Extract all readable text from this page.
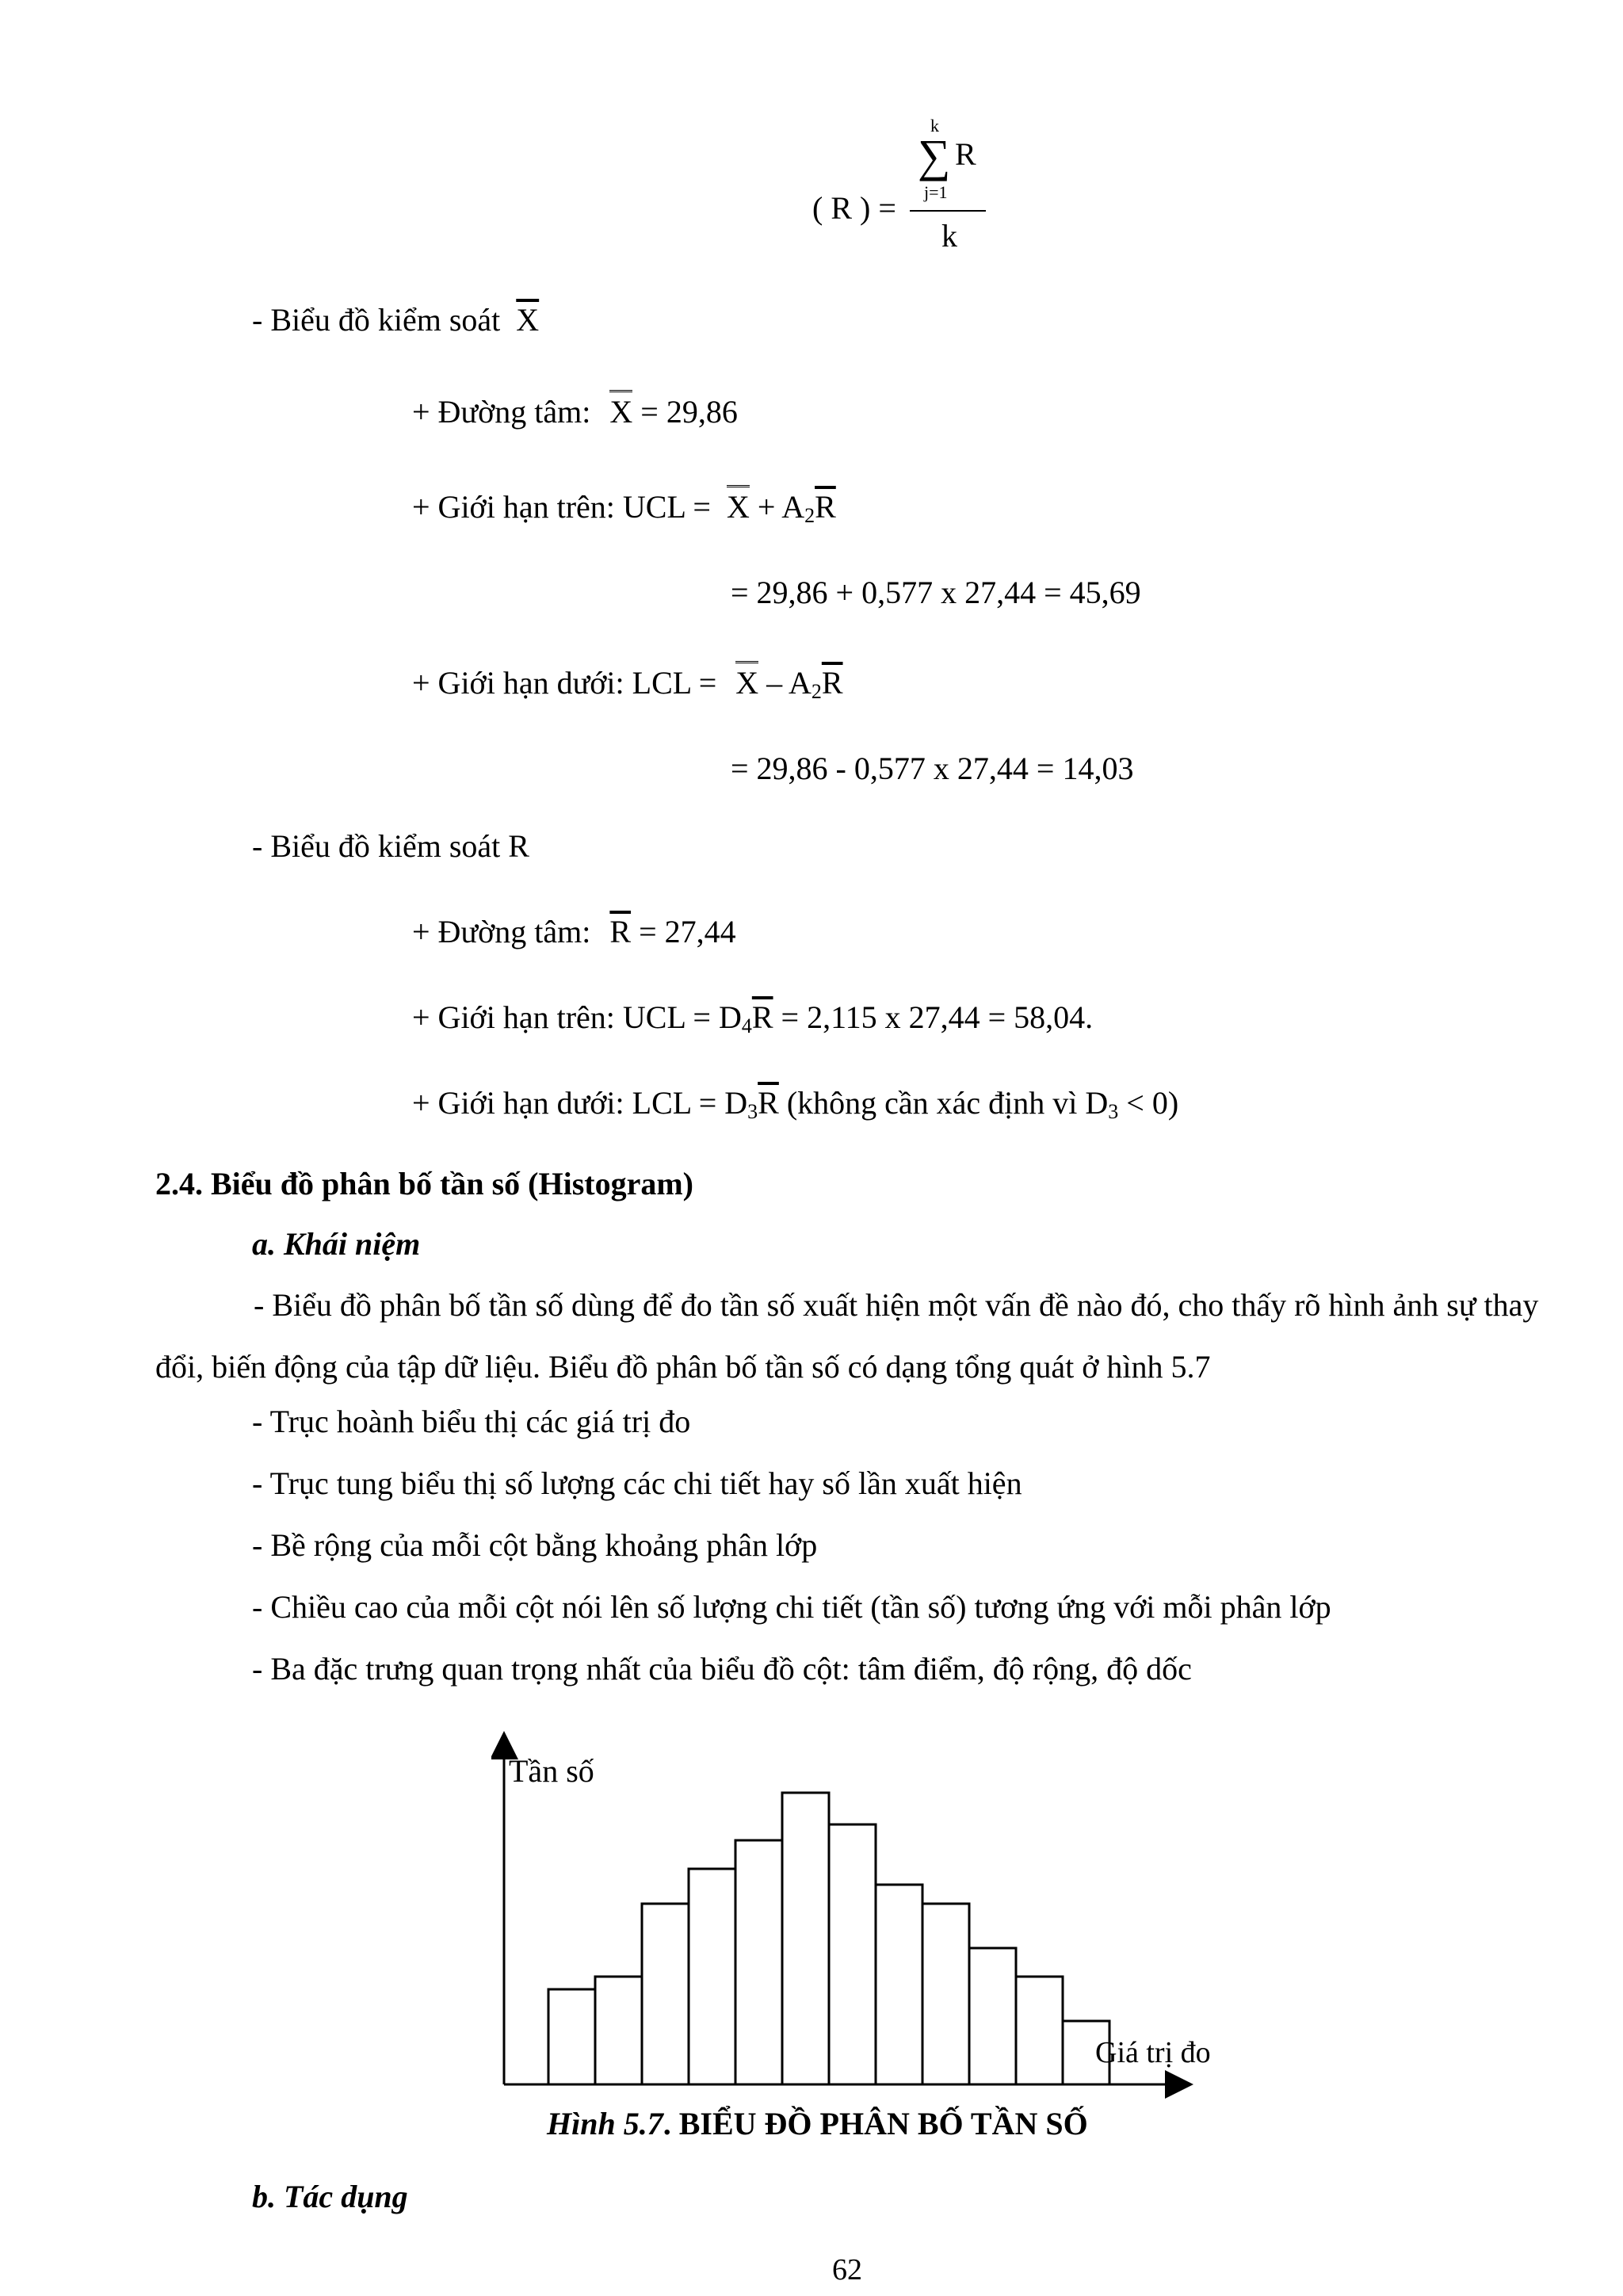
k
∑ R
j=1
( R ) =
k
- Biểu đồ kiểm soát $\overline{X}$
+ Đường tâm: X = 29,86
+ Giới hạn trên: UCL = $X + A_2\overline{R}$
= 29,86 + 0,577 x 27,44 = 45,69
+ Giới hạn dưới: LCL = X – $A_2\overline{R}$
= 29,86 - 0,577 x 27,44 = 14,03
- Biểu đồ kiểm soát R
+ Đường tâm: $\overline{R} = 27,44$
+ Giới hạn trên: UCL = $D_4\overline{R} = 2,115$ x 27,44 = 58,04.
+ Giới hạn dưới: LCL = $D_3\overline{R}$ (không cần xác định vì $D_3 < 0$)
2.4. Biểu đồ phân bố tần số (Histogram)
a. Khái niệm
- Biểu đồ phân bố tần số dùng để đo tần số xuất hiện một vấn đề nào đó, cho thấy rõ hình ảnh sự thay đổi, biến động của tập dữ liệu. Biểu đồ phân bố tần số có dạng tổng quát ở hình 5.7
- Trục hoành biểu thị các giá trị đo
- Trục tung biểu thị số lượng các chi tiết hay số lần xuất hiện
- Bề rộng của mỗi cột bằng khoảng phân lớp
- Chiều cao của mỗi cột nói lên số lượng chi tiết (tần số) tương ứng với mỗi phân lớp
- Ba đặc trưng quan trọng nhất của biểu đồ cột: tâm điểm, độ rộng, độ dốc
Tần số
Giá trị đo
Hình 5.7. BIỂU ĐỒ PHÂN BỐ TẦN SỐ
b. Tác dụng
62
